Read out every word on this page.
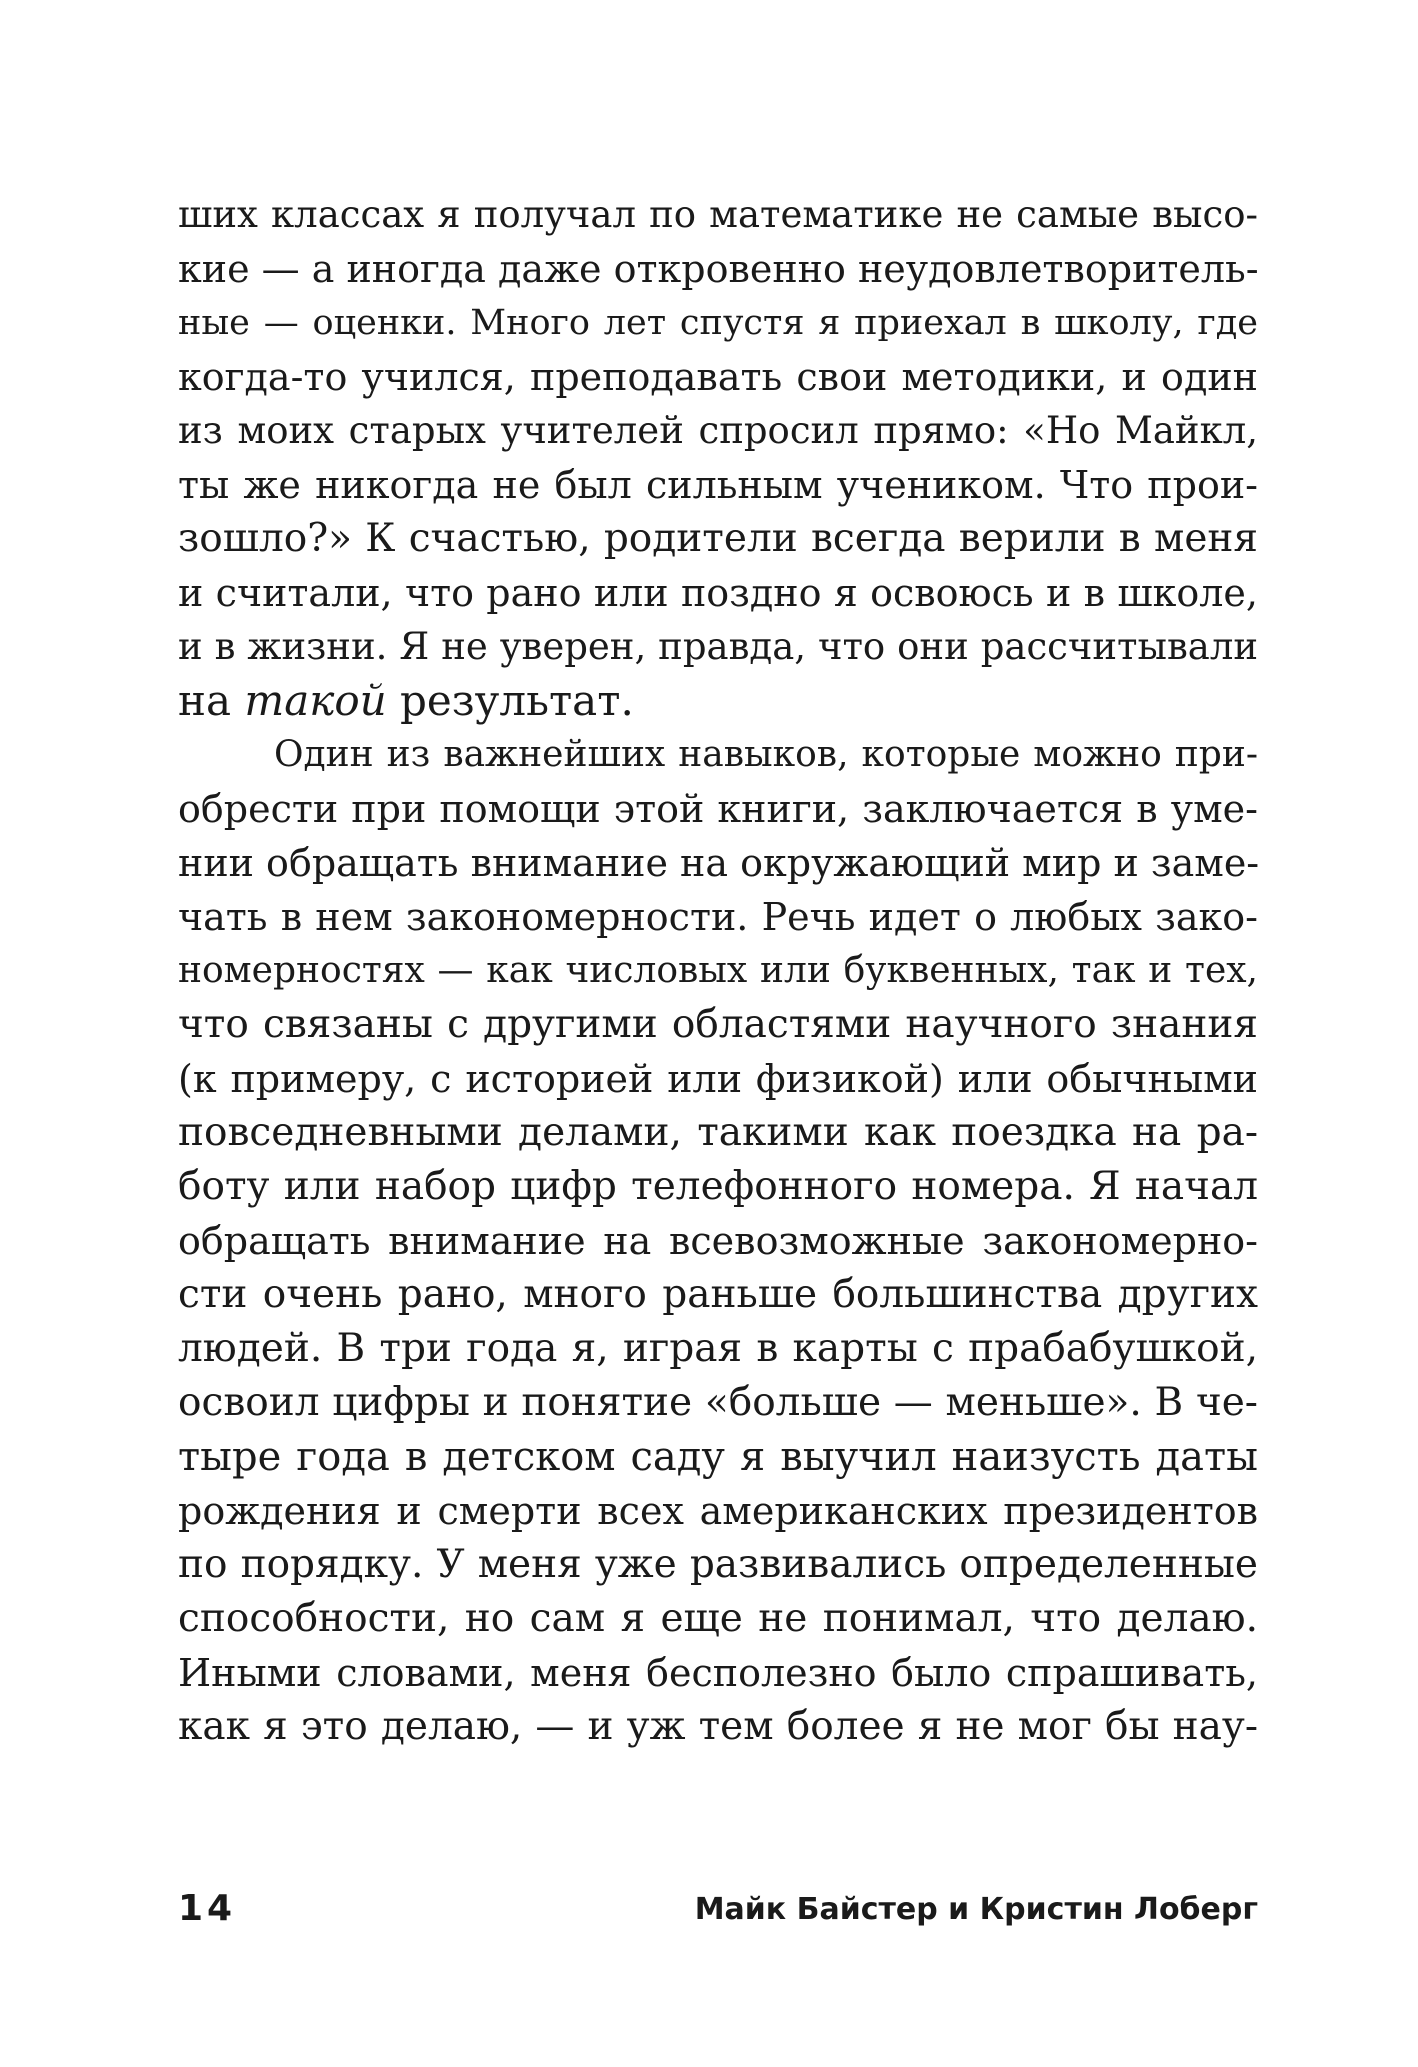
ших классах я получал по математике не самые высо-
кие — а иногда даже откровенно неудовлетворитель-
ные — оценки. Много лет спустя я приехал в школу, где
когда-то учился, преподавать свои методики, и один
из моих старых учителей спросил прямо: «Но Майкл,
ты же никогда не был сильным учеником. Что прои-
зошло?» К счастью, родители всегда верили в меня
и считали, что рано или поздно я освоюсь и в школе,
и в жизни. Я не уверен, правда, что они рассчитывали
на такой результат.
Один из важнейших навыков, которые можно при-
обрести при помощи этой книги, заключается в уме-
нии обращать внимание на окружающий мир и заме-
чать в нем закономерности. Речь идет о любых зако-
номерностях — как числовых или буквенных, так и тех,
что связаны с другими областями научного знания
(к примеру, с историей или физикой) или обычными
повседневными делами, такими как поездка на ра-
боту или набор цифр телефонного номера. Я начал
обращать внимание на всевозможные закономерно-
сти очень рано, много раньше большинства других
людей. В три года я, играя в карты с прабабушкой,
освоил цифры и понятие «больше — меньше». В че-
тыре года в детском саду я выучил наизусть даты
рождения и смерти всех американских президентов
по порядку. У меня уже развивались определенные
способности, но сам я еще не понимал, что делаю.
Иными словами, меня бесполезно было спрашивать,
как я это делаю, — и уж тем более я не мог бы нау-
14	Майк Байстер и Кристин Лоберг
